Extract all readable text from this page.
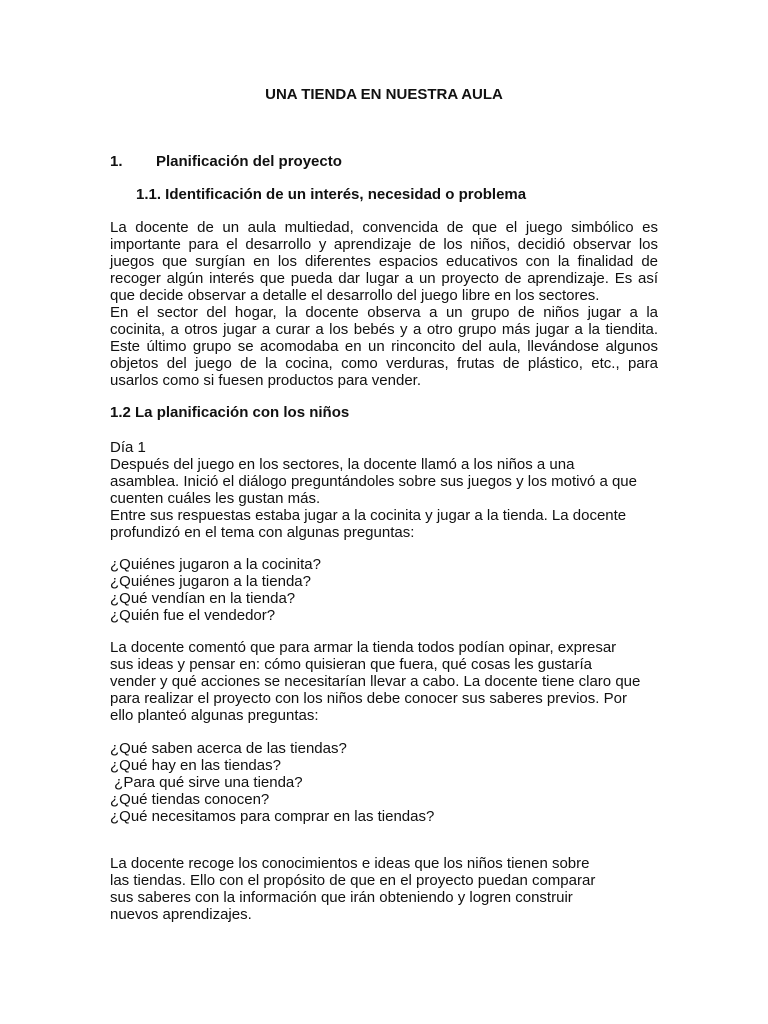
UNA TIENDA EN NUESTRA AULA
1. Planificación del proyecto
1.1. Identificación de un interés, necesidad o problema
La docente de un aula multiedad, convencida de que el juego simbólico es
importante para el desarrollo y aprendizaje de los niños, decidió observar los
juegos que surgían en los diferentes espacios educativos con la finalidad de
recoger algún interés que pueda dar lugar a un proyecto de aprendizaje. Es así
que decide observar a detalle el desarrollo del juego libre en los sectores.
En el sector del hogar, la docente observa a un grupo de niños jugar a la
cocinita, a otros jugar a curar a los bebés y a otro grupo más jugar a la tiendita.
Este último grupo se acomodaba en un rinconcito del aula, llevándose algunos
objetos del juego de la cocina, como verduras, frutas de plástico, etc., para
usarlos como si fuesen productos para vender.
1.2 La planificación con los niños
Día 1
Después del juego en los sectores, la docente llamó a los niños a una
asamblea. Inició el diálogo preguntándoles sobre sus juegos y los motivó a que
cuenten cuáles les gustan más.
Entre sus respuestas estaba jugar a la cocinita y jugar a la tienda. La docente
profundizó en el tema con algunas preguntas:
¿Quiénes jugaron a la cocinita?
¿Quiénes jugaron a la tienda?
¿Qué vendían en la tienda?
¿Quién fue el vendedor?
La docente comentó que para armar la tienda todos podían opinar, expresar
sus ideas y pensar en: cómo quisieran que fuera, qué cosas les gustaría
vender y qué acciones se necesitarían llevar a cabo. La docente tiene claro que
para realizar el proyecto con los niños debe conocer sus saberes previos. Por
ello planteó algunas preguntas:
¿Qué saben acerca de las tiendas?
¿Qué hay en las tiendas?
¿Para qué sirve una tienda?
¿Qué tiendas conocen?
¿Qué necesitamos para comprar en las tiendas?
La docente recoge los conocimientos e ideas que los niños tienen sobre
las tiendas. Ello con el propósito de que en el proyecto puedan comparar
sus saberes con la información que irán obteniendo y logren construir
nuevos aprendizajes.
